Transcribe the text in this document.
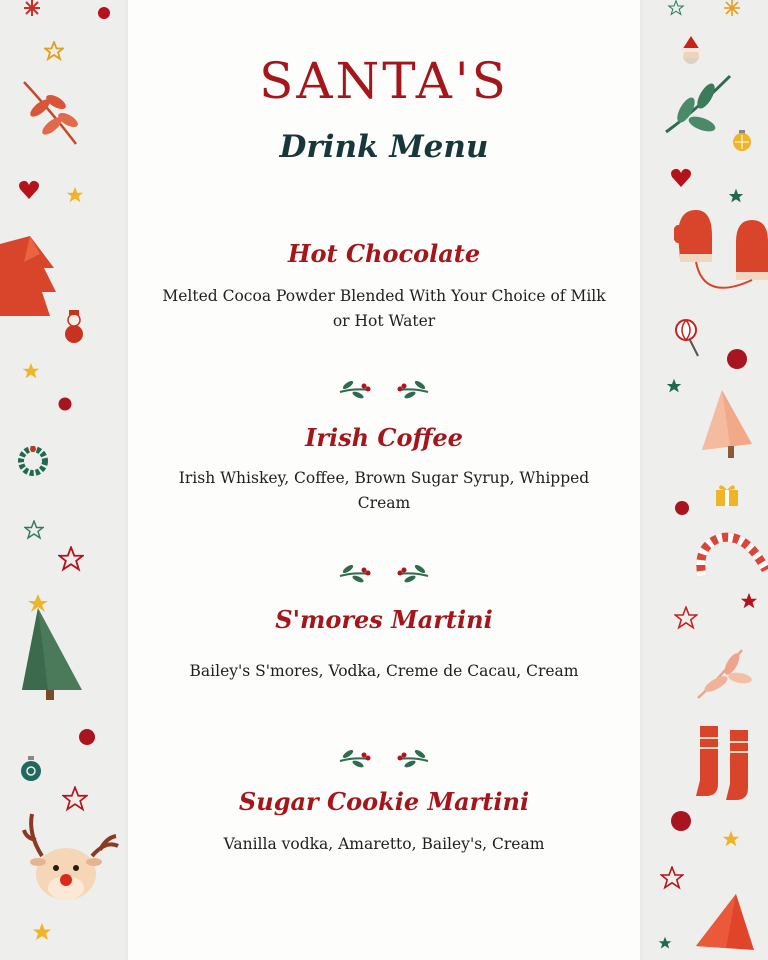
SANTA'S
Drink Menu
Hot Chocolate

Melted Cocoa Powder Blended With Your Choice of Milk or Hot Water

Irish Coffee

Irish Whiskey, Coffee, Brown Sugar Syrup, Whipped Cream

S'mores Martini

Bailey's S'mores, Vodka, Creme de Cacau, Cream

Sugar Cookie Martini

Vanilla vodka, Amaretto, Bailey's, Cream
